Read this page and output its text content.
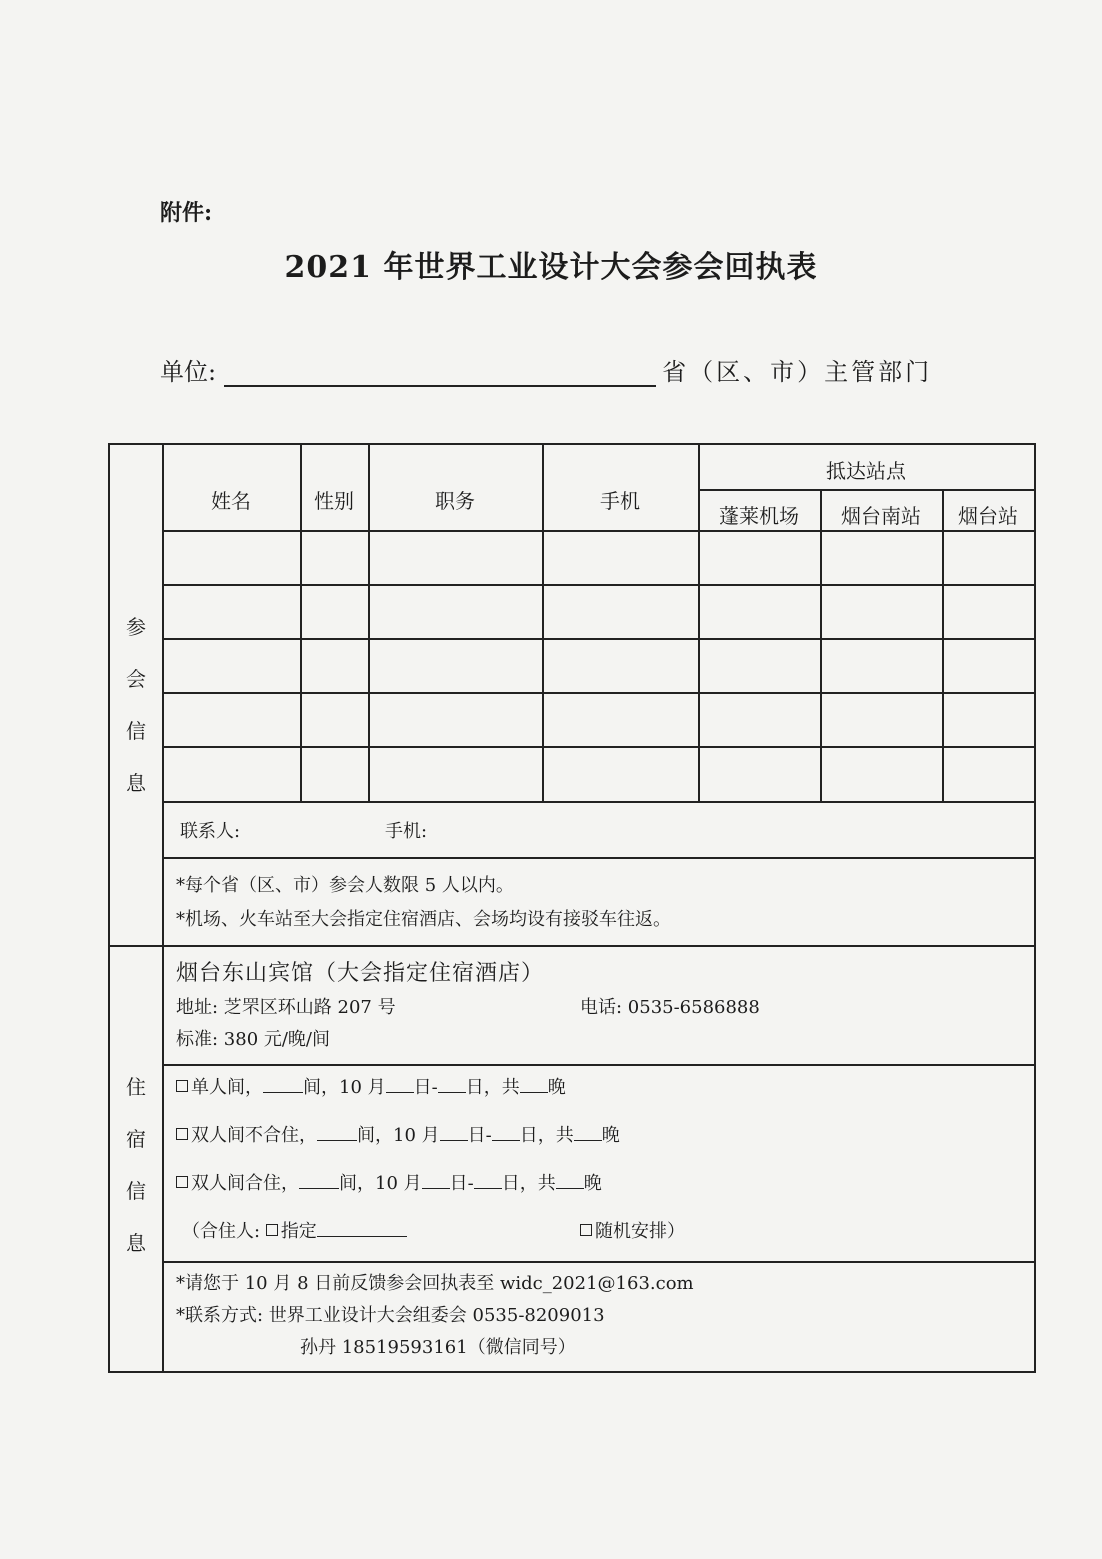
附件:
2021 年世界工业设计大会参会回执表
单位:	省（区、市）主管部门
参
会
信
息
住
宿
信
息
姓名	性别	职务	手机
抵达站点
蓬莱机场	烟台南站	烟台站
联系人:	手机:
*每个省（区、市）参会人数限 5 人以内。
*机场、火车站至大会指定住宿酒店、会场均设有接驳车往返。
烟台东山宾馆（大会指定住宿酒店）
地址: 芝罘区环山路 207 号	电话: 0535-6586888
标准: 380 元/晚/间
单人间， 间，10 月 日- 日，共 晚
双人间不合住， 间，10 月 日- 日，共 晚
双人间合住， 间，10 月 日- 日，共 晚
（合住人: 指定	随机安排）
*请您于 10 月 8 日前反馈参会回执表至 widc_2021@163.com
*联系方式: 世界工业设计大会组委会 0535-8209013
孙丹 18519593161（微信同号）
